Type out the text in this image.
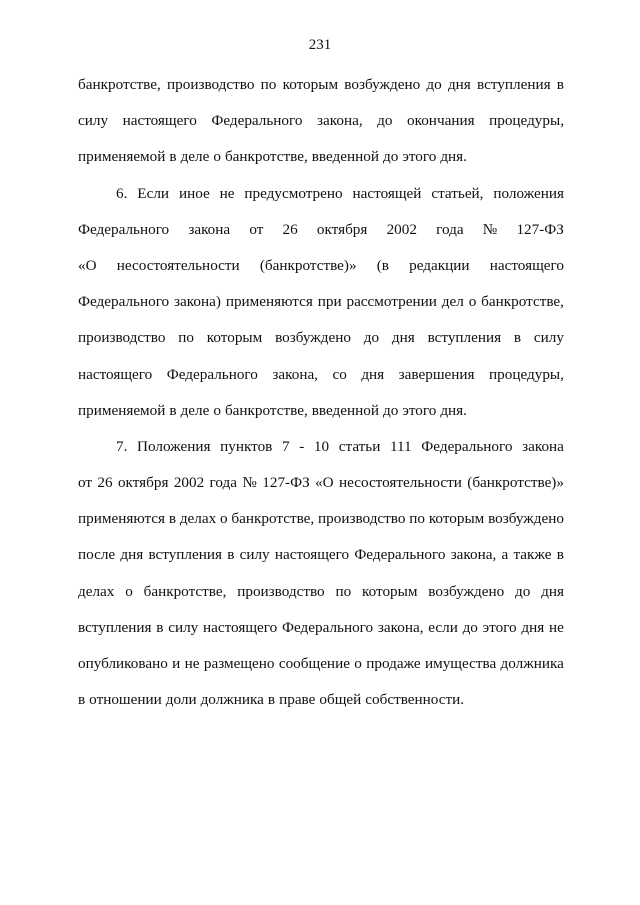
231
банкротстве, производство по которым возбуждено до дня вступления в
силу настоящего Федерального закона, до окончания процедуры,
применяемой в деле о банкротстве, введенной до этого дня.
6. Если иное не предусмотрено настоящей статьей, положения
Федерального закона от 26 октября 2002 года № 127-ФЗ
«О несостоятельности (банкротстве)» (в редакции настоящего
Федерального закона) применяются при рассмотрении дел о банкротстве,
производство по которым возбуждено до дня вступления в силу
настоящего Федерального закона, со дня завершения процедуры,
применяемой в деле о банкротстве, введенной до этого дня.
7. Положения пунктов 7 - 10 статьи 111 Федерального закона
от 26 октября 2002 года № 127-ФЗ «О несостоятельности (банкротстве)»
применяются в делах о банкротстве, производство по которым возбуждено
после дня вступления в силу настоящего Федерального закона, а также в
делах о банкротстве, производство по которым возбуждено до дня
вступления в силу настоящего Федерального закона, если до этого дня не
опубликовано и не размещено сообщение о продаже имущества должника
в отношении доли должника в праве общей собственности.
